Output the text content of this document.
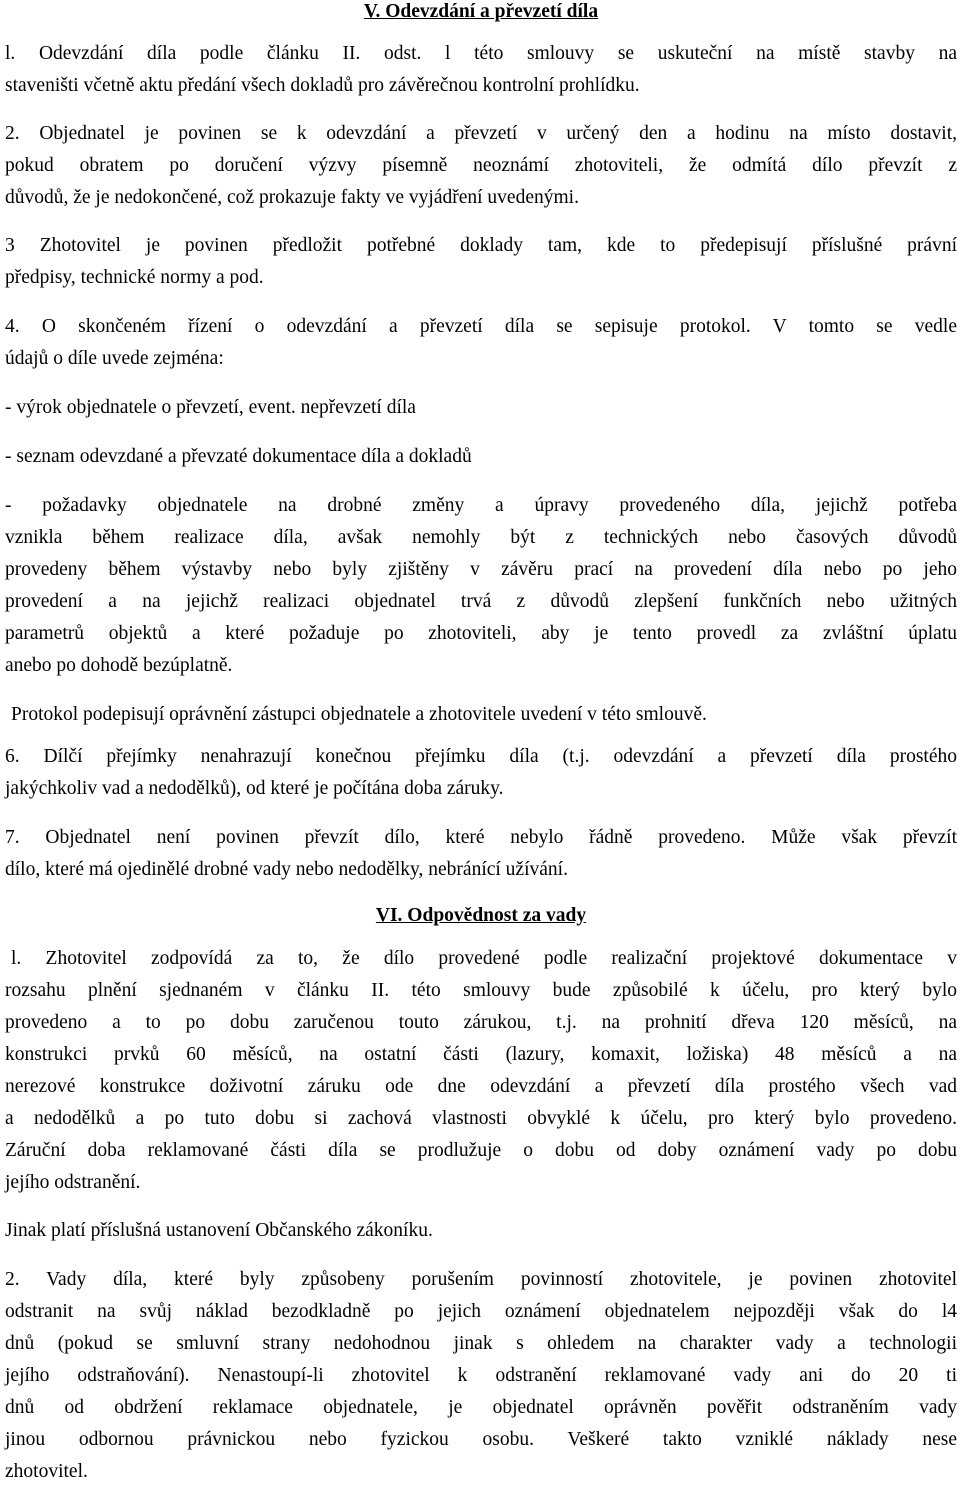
V. Odevzdání a převzetí díla
l. Odevzdání díla podle článku II. odst. l této smlouvy se uskuteční na místě stavby na
staveništi včetně aktu předání všech dokladů pro závěrečnou kontrolní prohlídku.
2. Objednatel je povinen se k odevzdání a převzetí v určený den a hodinu na místo dostavit,
pokud obratem po doručení výzvy písemně neoznámí zhotoviteli, že odmítá dílo převzít z
důvodů, že je nedokončené, což prokazuje fakty ve vyjádření uvedenými.
3 Zhotovitel je povinen předložit potřebné doklady tam, kde to předepisují příslušné právní
předpisy, technické normy a pod.
4. O skončeném řízení o odevzdání a převzetí díla se sepisuje protokol. V tomto se vedle
údajů o díle uvede zejména:
- výrok objednatele o převzetí, event. nepřevzetí díla
- seznam odevzdané a převzaté dokumentace díla a dokladů
- požadavky objednatele na drobné změny a úpravy provedeného díla, jejichž potřeba
vznikla během realizace díla, avšak nemohly být z technických nebo časových důvodů
provedeny během výstavby nebo byly zjištěny v závěru prací na provedení díla nebo po jeho
provedení a na jejichž realizaci objednatel trvá z důvodů zlepšení funkčních nebo užitných
parametrů objektů a které požaduje po zhotoviteli, aby je tento provedl za zvláštní úplatu
anebo po dohodě bezúplatně.
Protokol podepisují oprávnění zástupci objednatele a zhotovitele uvedení v této smlouvě.
6. Dílčí přejímky nenahrazují konečnou přejímku díla (t.j. odevzdání a převzetí díla prostého
jakýchkoliv vad a nedodělků), od které je počítána doba záruky.
7. Objednatel není povinen převzít dílo, které nebylo řádně provedeno. Může však převzít
dílo, které má ojedinělé drobné vady nebo nedodělky, nebránící užívání.
VI. Odpovědnost za vady
l. Zhotovitel zodpovídá za to, že dílo provedené podle realizační projektové dokumentace v
rozsahu plnění sjednaném v článku II. této smlouvy bude způsobilé k účelu, pro který bylo
provedeno a to po dobu zaručenou touto zárukou, t.j. na prohnití dřeva 120 měsíců, na
konstrukci prvků 60 měsíců, na ostatní části (lazury, komaxit, ložiska) 48 měsíců a na
nerezové konstrukce doživotní záruku ode dne odevzdání a převzetí díla prostého všech vad
a nedodělků a po tuto dobu si zachová vlastnosti obvyklé k účelu, pro který bylo provedeno.
Záruční doba reklamované části díla se prodlužuje o dobu od doby oznámení vady po dobu
jejího odstranění.
Jinak platí příslušná ustanovení Občanského zákoníku.
2. Vady díla, které byly způsobeny porušením povinností zhotovitele, je povinen zhotovitel
odstranit na svůj náklad bezodkladně po jejich oznámení objednatelem nejpozději však do l4
dnů (pokud se smluvní strany nedohodnou jinak s ohledem na charakter vady a technologii
jejího odstraňování). Nenastoupí-li zhotovitel k odstranění reklamované vady ani do 20 ti
dnů od obdržení reklamace objednatele, je objednatel oprávněn pověřit odstraněním vady
jinou odbornou právnickou nebo fyzickou osobu. Veškeré takto vzniklé náklady nese
zhotovitel.
